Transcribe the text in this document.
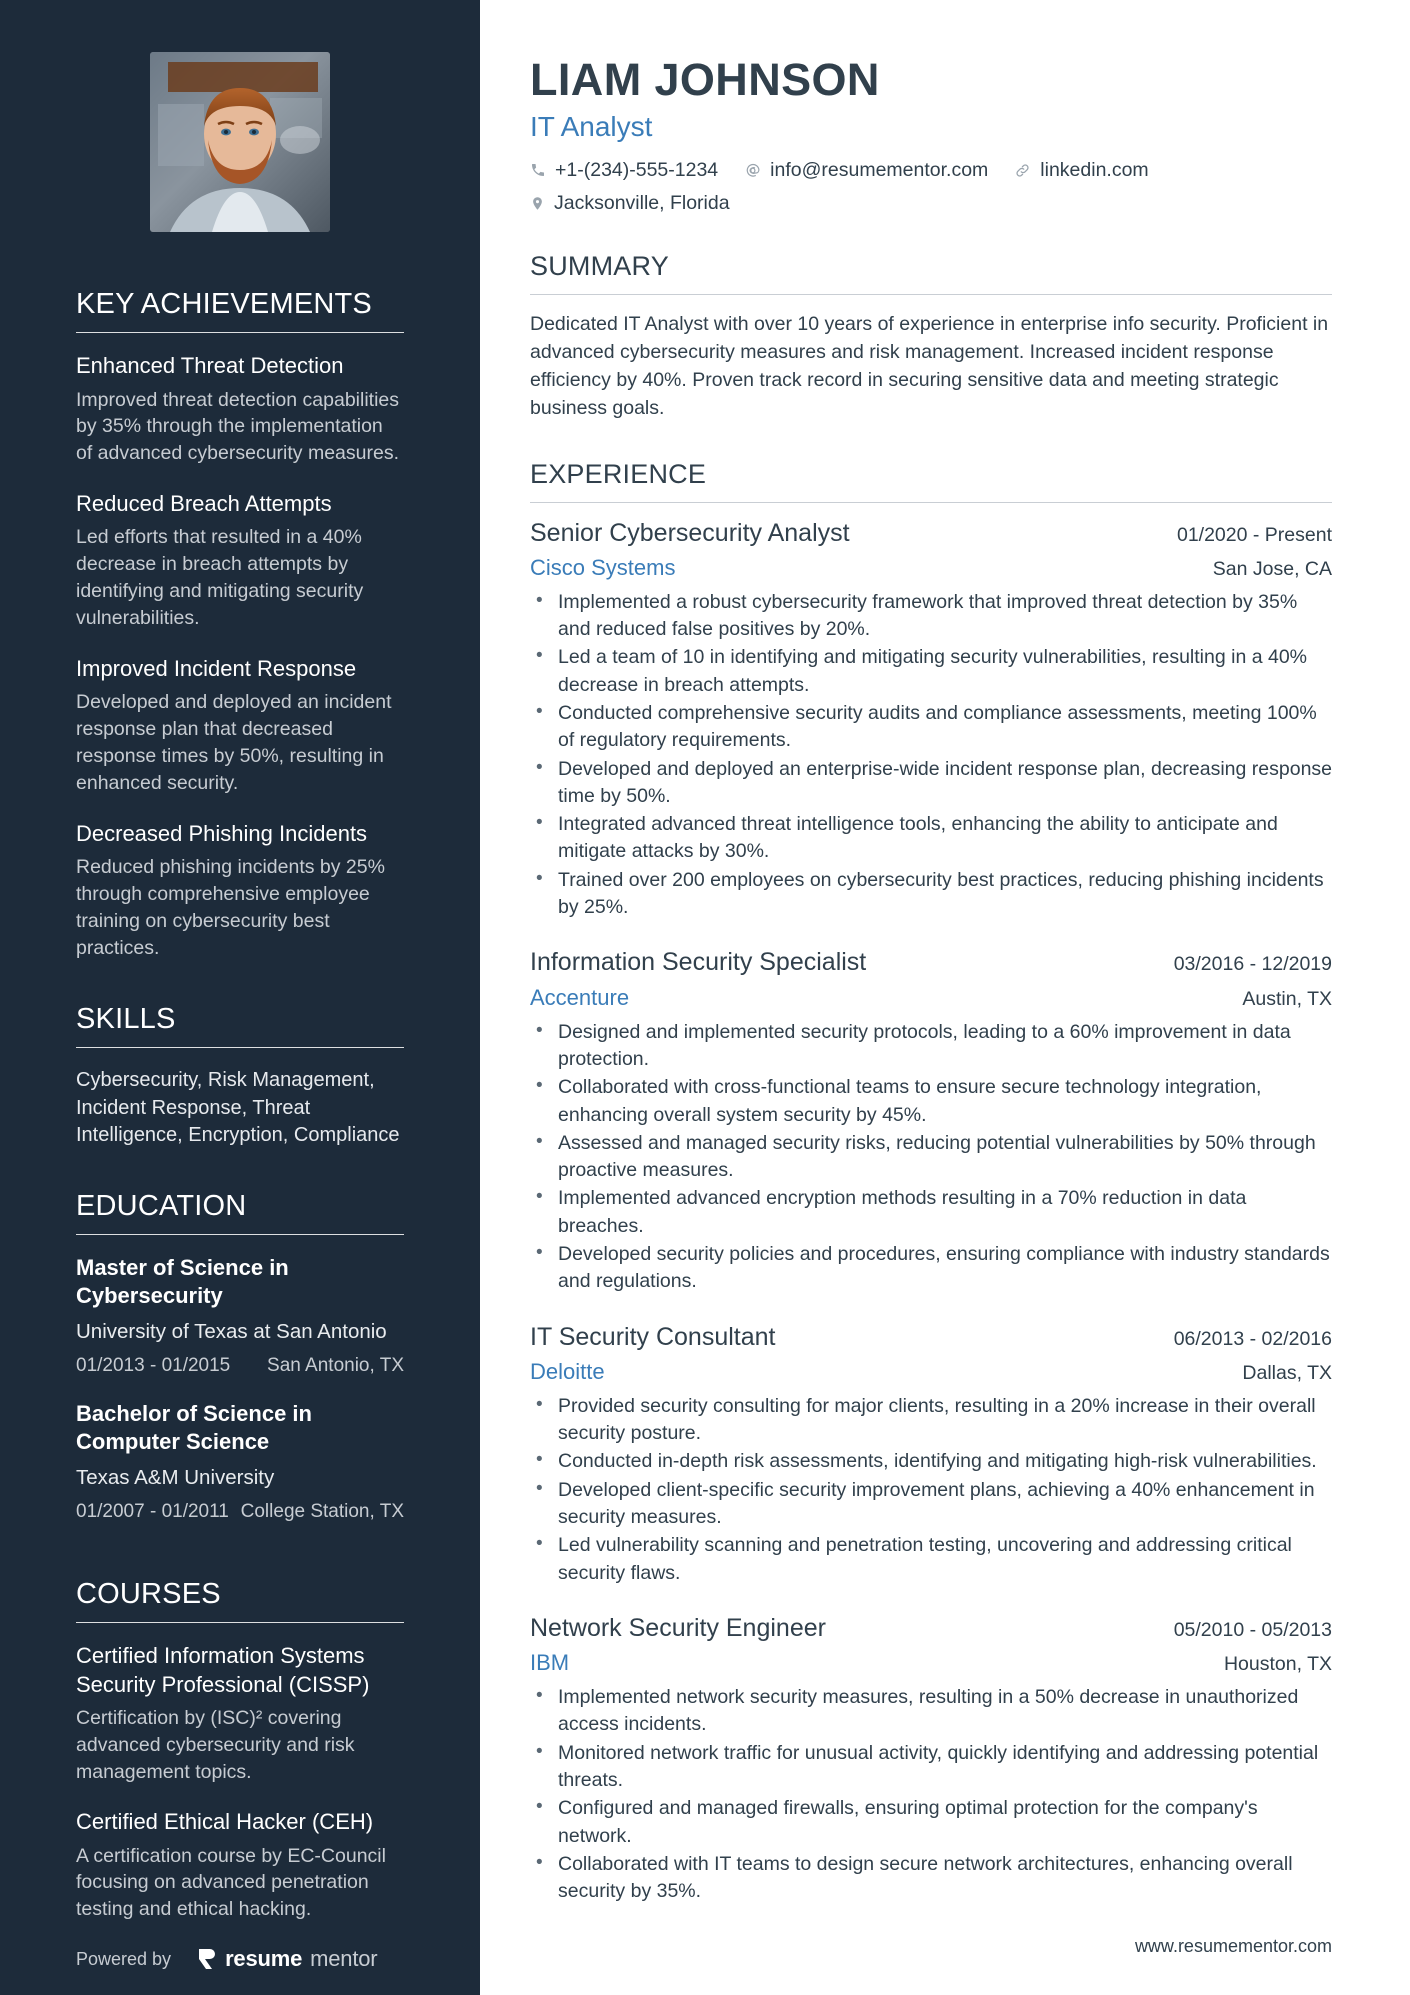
KEY ACHIEVEMENTS
Enhanced Threat Detection
Improved threat detection capabilities by 35% through the implementation of advanced cybersecurity measures.
Reduced Breach Attempts
Led efforts that resulted in a 40% decrease in breach attempts by identifying and mitigating security vulnerabilities.
Improved Incident Response
Developed and deployed an incident response plan that decreased response times by 50%, resulting in enhanced security.
Decreased Phishing Incidents
Reduced phishing incidents by 25% through comprehensive employee training on cybersecurity best practices.
SKILLS
Cybersecurity, Risk Management, Incident Response, Threat Intelligence, Encryption, Compliance
EDUCATION
Master of Science in Cybersecurity
University of Texas at San Antonio
01/2013 - 01/2015 San Antonio, TX
Bachelor of Science in Computer Science
Texas A&M University
01/2007 - 01/2011 College Station, TX
COURSES
Certified Information Systems Security Professional (CISSP)
Certification by (ISC)² covering advanced cybersecurity and risk management topics.
Certified Ethical Hacker (CEH)
A certification course by EC-Council focusing on advanced penetration testing and ethical hacking.
Powered by resume mentor
LIAM JOHNSON
IT Analyst
+1-(234)-555-1234	info@resumementor.com	linkedin.com
Jacksonville, Florida
SUMMARY

Dedicated IT Analyst with over 10 years of experience in enterprise info security. Proficient in advanced cybersecurity measures and risk management. Increased incident response efficiency by 40%. Proven track record in securing sensitive data and meeting strategic business goals.

EXPERIENCE
Senior Cybersecurity Analyst	01/2020 - Present
Cisco Systems	San Jose, CA
• Implemented a robust cybersecurity framework that improved threat detection by 35% and reduced false positives by 20%.
• Led a team of 10 in identifying and mitigating security vulnerabilities, resulting in a 40% decrease in breach attempts.
• Conducted comprehensive security audits and compliance assessments, meeting 100% of regulatory requirements.
• Developed and deployed an enterprise-wide incident response plan, decreasing response time by 50%.
• Integrated advanced threat intelligence tools, enhancing the ability to anticipate and mitigate attacks by 30%.
• Trained over 200 employees on cybersecurity best practices, reducing phishing incidents by 25%.
Information Security Specialist	03/2016 - 12/2019
Accenture	Austin, TX
• Designed and implemented security protocols, leading to a 60% improvement in data protection.
• Collaborated with cross-functional teams to ensure secure technology integration, enhancing overall system security by 45%.
• Assessed and managed security risks, reducing potential vulnerabilities by 50% through proactive measures.
• Implemented advanced encryption methods resulting in a 70% reduction in data breaches.
• Developed security policies and procedures, ensuring compliance with industry standards and regulations.
IT Security Consultant	06/2013 - 02/2016
Deloitte	Dallas, TX
• Provided security consulting for major clients, resulting in a 20% increase in their overall security posture.
• Conducted in-depth risk assessments, identifying and mitigating high-risk vulnerabilities.
• Developed client-specific security improvement plans, achieving a 40% enhancement in security measures.
• Led vulnerability scanning and penetration testing, uncovering and addressing critical security flaws.
Network Security Engineer	05/2010 - 05/2013
IBM	Houston, TX
• Implemented network security measures, resulting in a 50% decrease in unauthorized access incidents.
• Monitored network traffic for unusual activity, quickly identifying and addressing potential threats.
• Configured and managed firewalls, ensuring optimal protection for the company's network.
• Collaborated with IT teams to design secure network architectures, enhancing overall security by 35%.
www.resumementor.com
